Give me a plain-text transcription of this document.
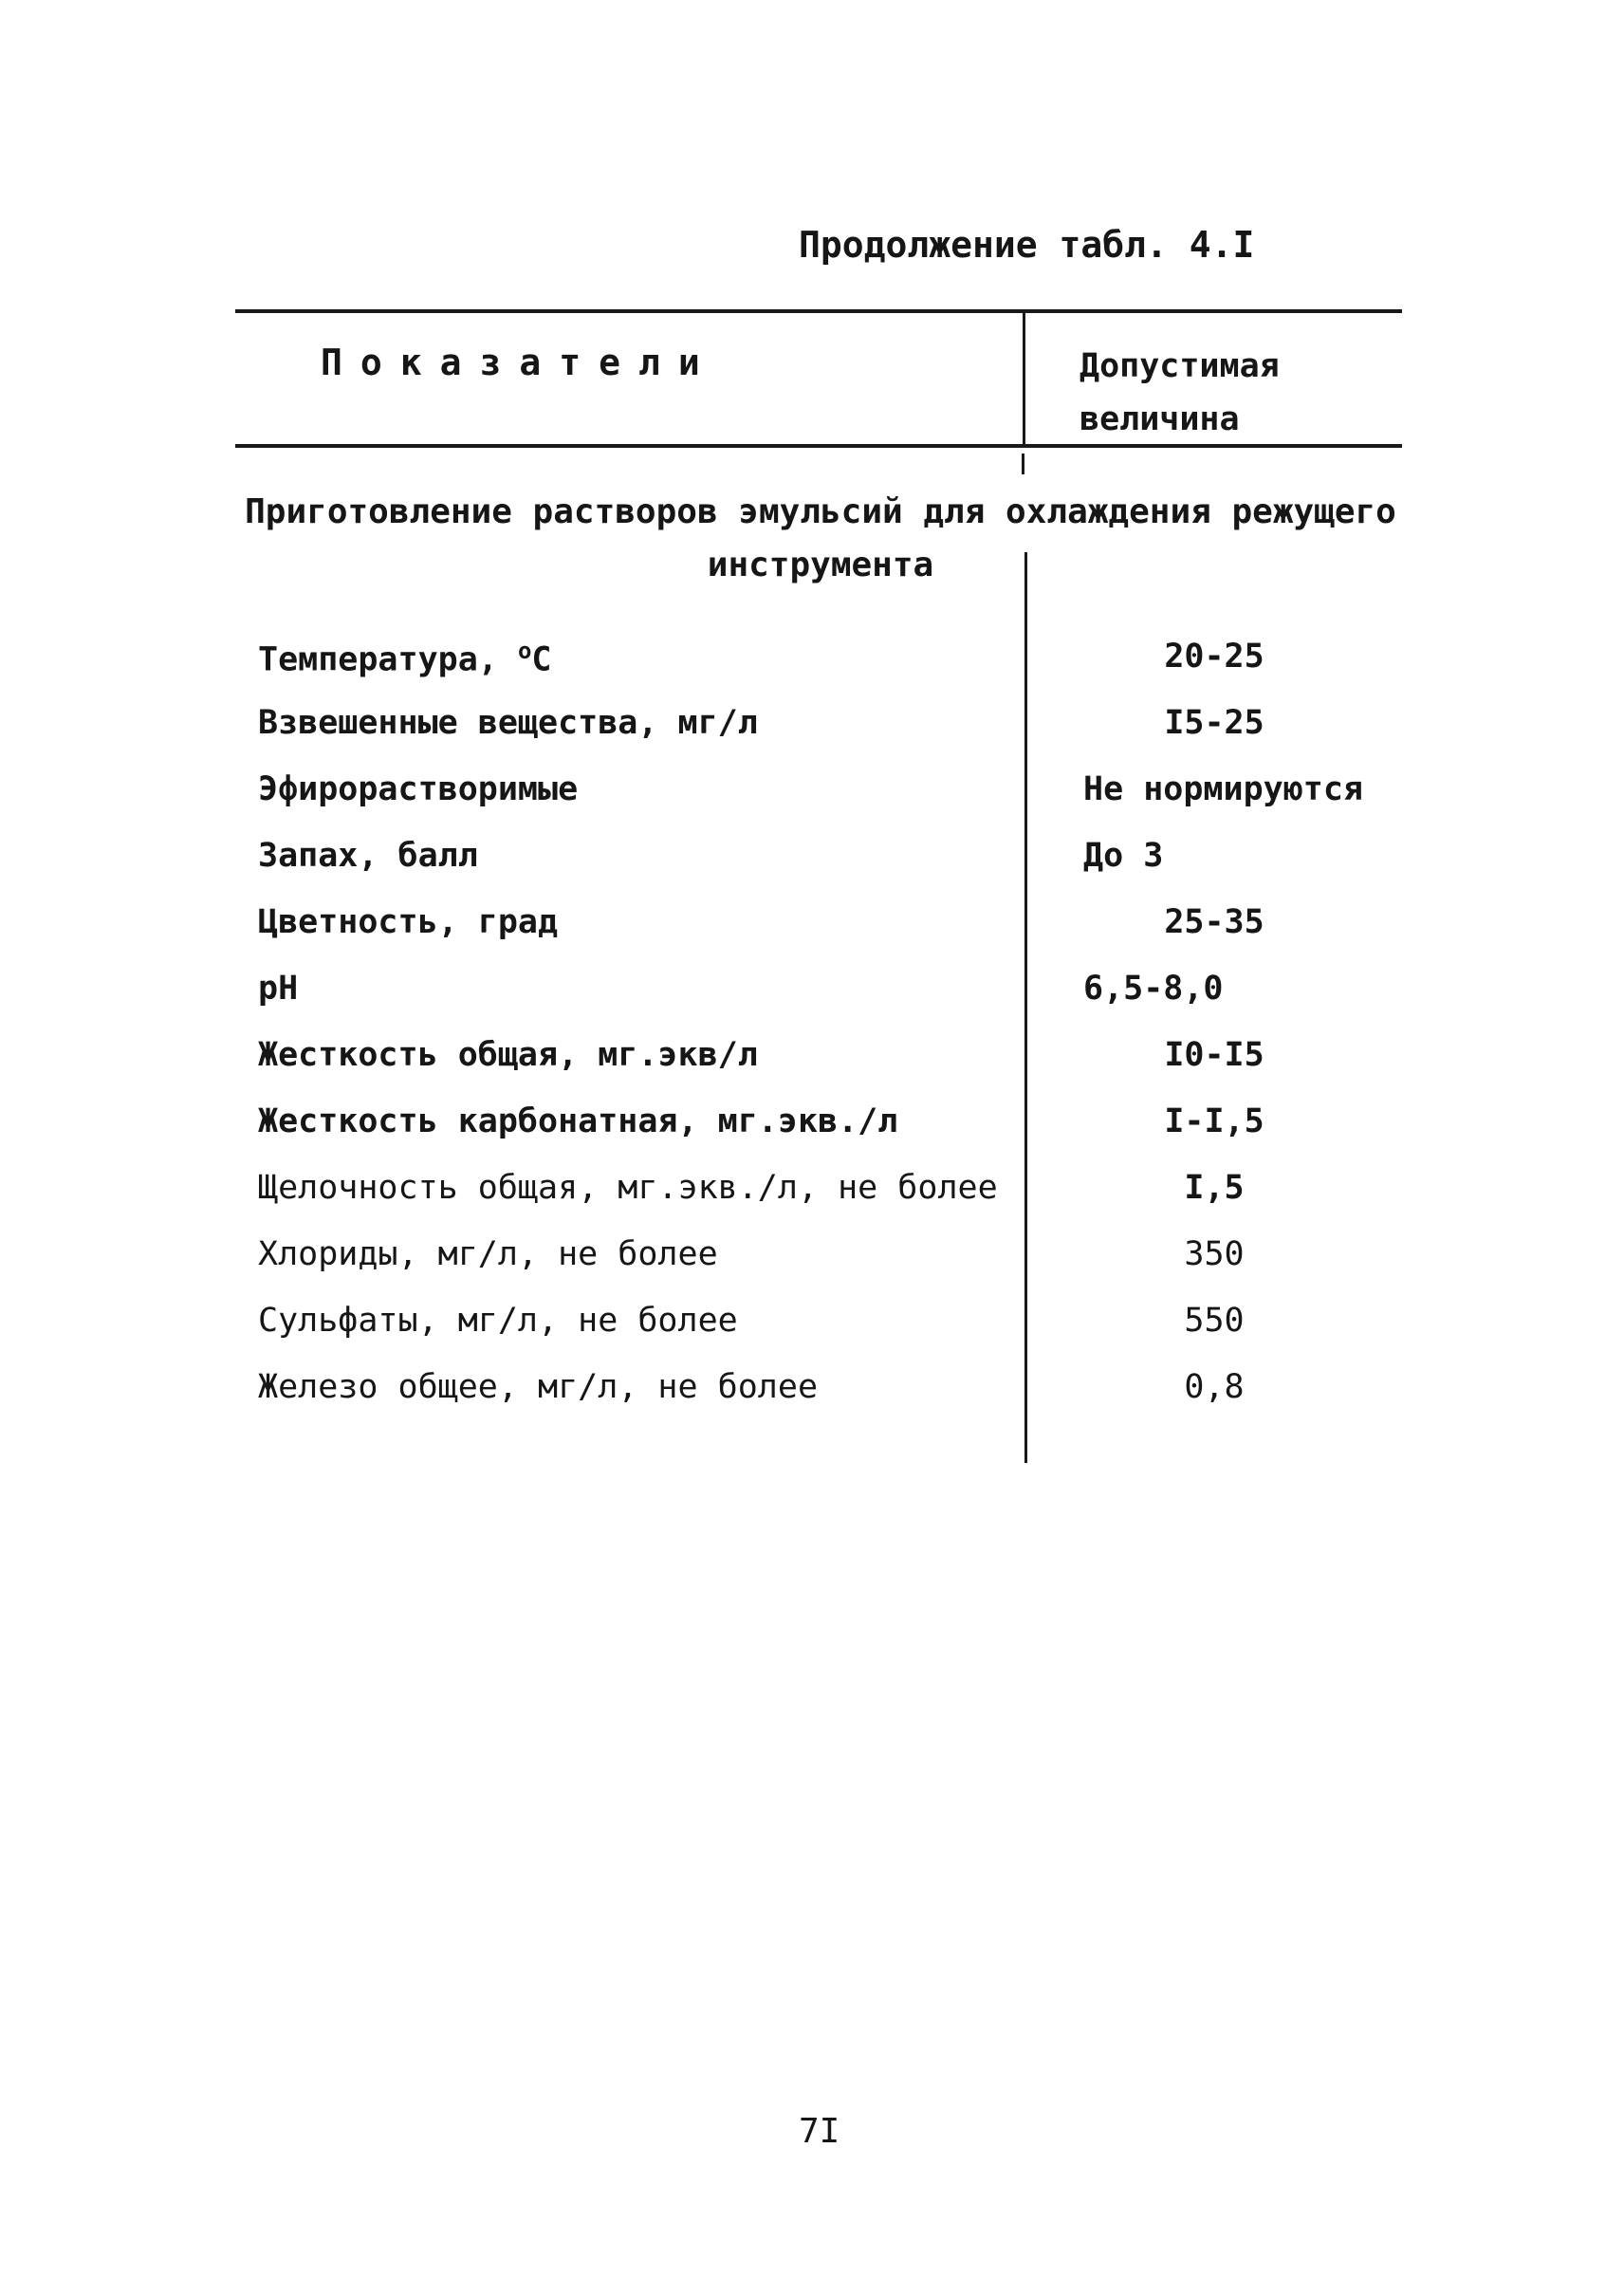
Продолжение табл. 4.I
Показатели	Допустимая величина
Приготовление растворов эмульсий для охлаждения режущего инструмента
Температура, $^o$C	20-25
Взвешенные вещества, мг/л	I5-25
Эфирорастворимые	Не нормируются
Запах, балл	До 3
Цветность, град	25-35
pH	6,5-8,0
Жесткость общая, мг.экв/л	I0-I5
Жесткость карбонатная, мг.экв./л	I-I,5
Щелочность общая, мг.экв./л, не более	I,5
Хлориды, мг/л, не более	350
Сульфаты, мг/л, не более	550
Железо общее, мг/л, не более	0,8
7I
